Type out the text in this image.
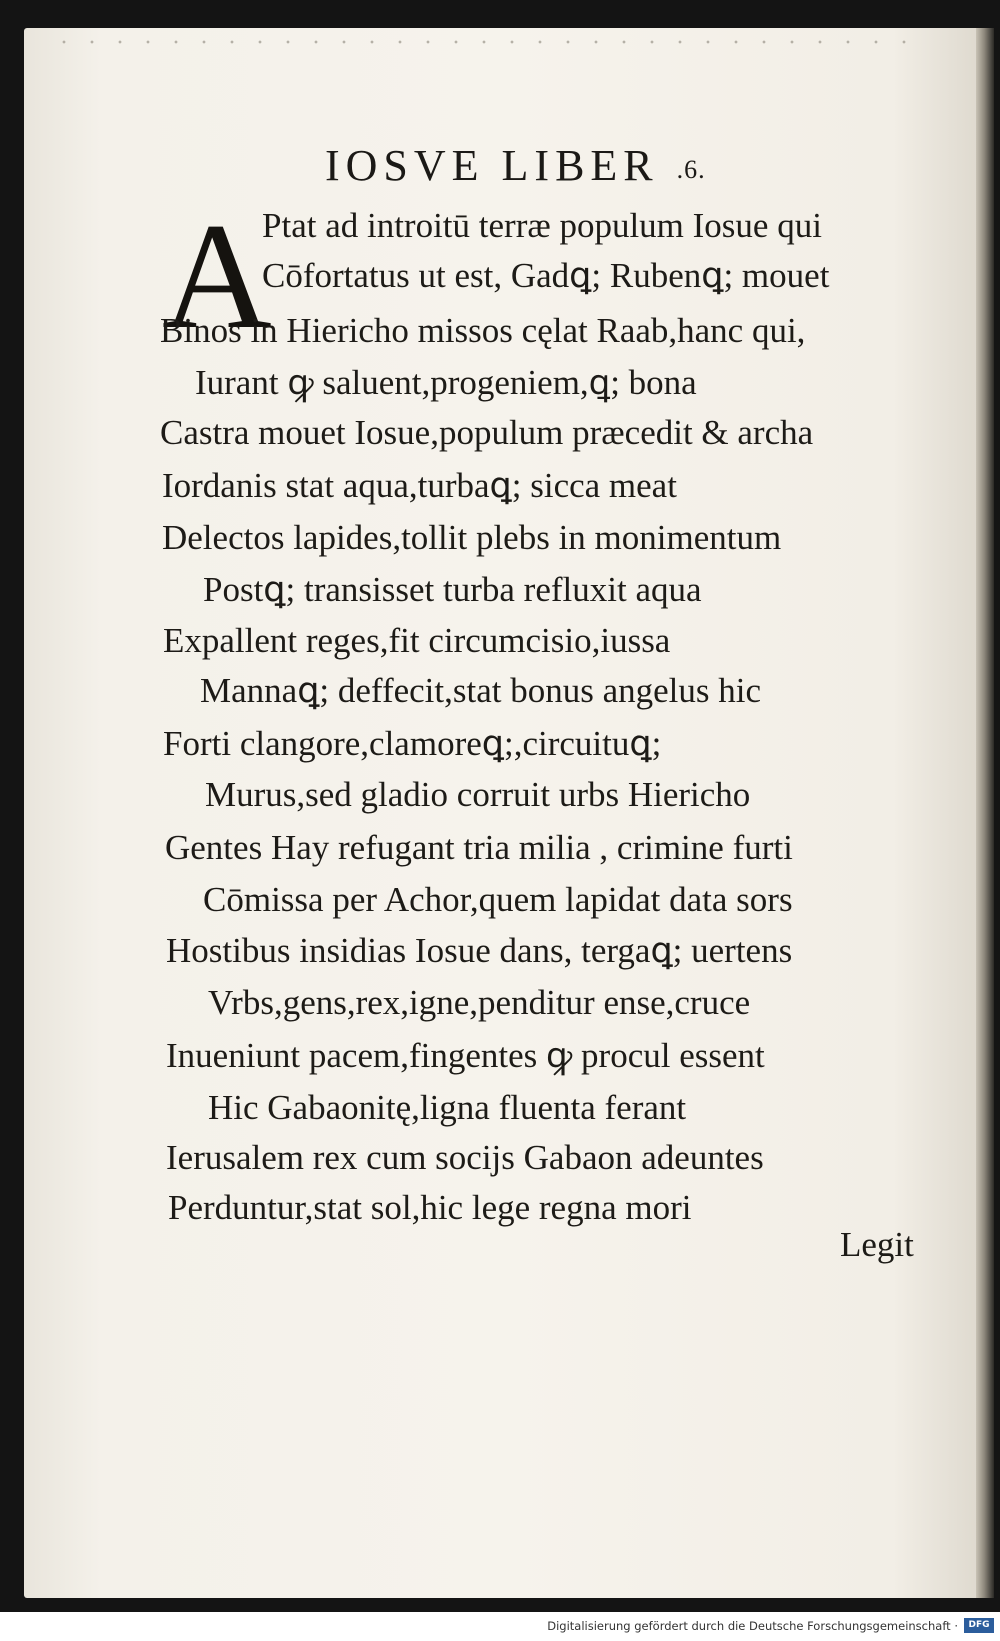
IOSVE LIBER .6.
A
Ptat ad introitū terræ populum Iosue qui
Cōfortatus ut est, Gadꝗ; Rubenꝗ; mouet
Binos in Hiericho missos cęlat Raab,hanc qui,
Iurant ꝙ saluent,progeniem,ꝗ; bona
Castra mouet Iosue,populum præcedit & archa
Iordanis stat aqua,turbaꝗ; sicca meat
Delectos lapides,tollit plebs in monimentum
Postꝗ; transisset turba refluxit aqua
Expallent reges,fit circumcisio,iussa
Mannaꝗ; deffecit,stat bonus angelus hic
Forti clangore,clamoreꝗ;,circuituꝗ;
Murus,sed gladio corruit urbs Hiericho
Gentes Hay refugant tria milia , crimine furti
Cōmissa per Achor,quem lapidat data sors
Hostibus insidias Iosue dans, tergaꝗ; uertens
Vrbs,gens,rex,igne,penditur ense,cruce
Inueniunt pacem,fingentes ꝙ procul essent
Hic Gabaonitę,ligna fluenta ferant
Ierusalem rex cum socijs Gabaon adeuntes
Perduntur,stat sol,hic lege regna mori
Legit
Digitalisierung gefördert durch die Deutsche Forschungsgemeinschaft ·	DFG
